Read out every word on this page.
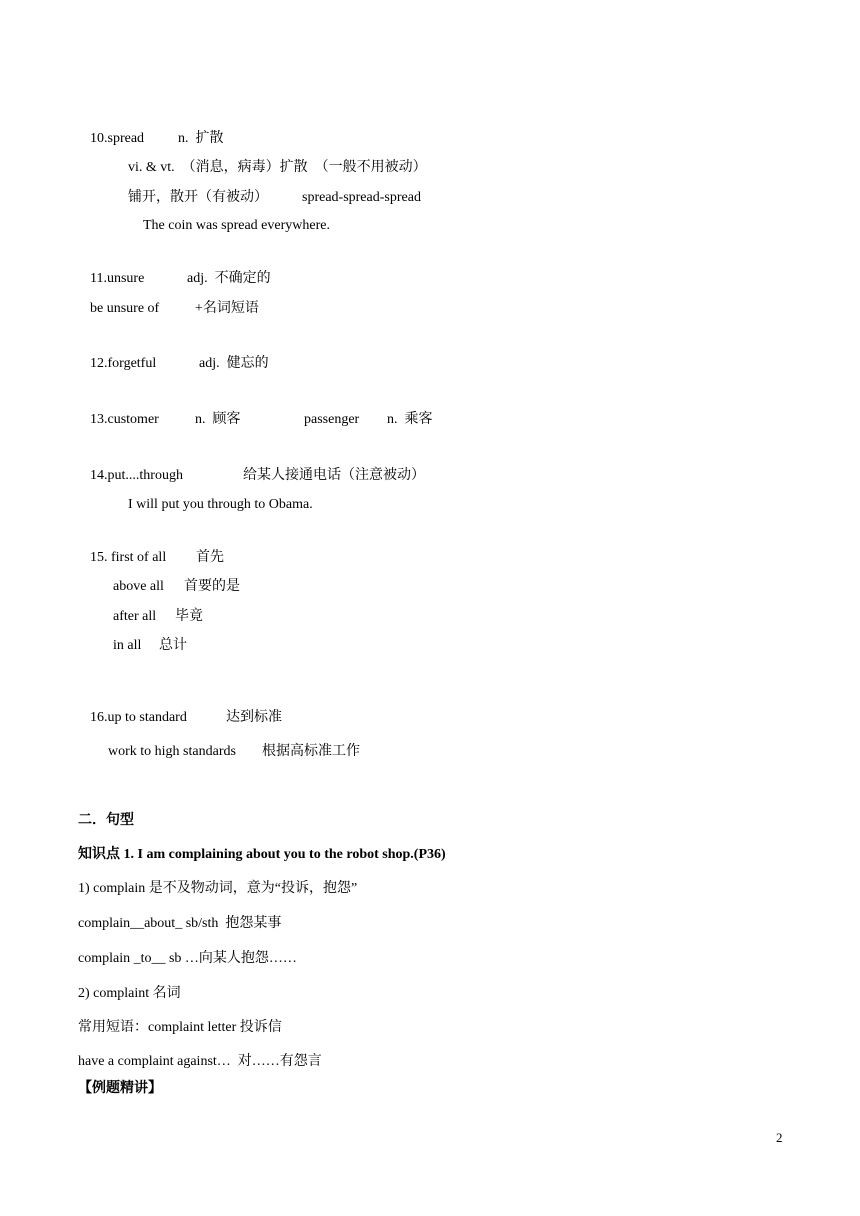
10.spread n.  扩散
vi. & vt.  （消息，病毒）扩散  （一般不用被动）
铺开，散开（有被动） spread-spread-spread
The coin was spread everywhere.
11.unsure	adj.  不确定的
be unsure of	+名词短语
12.forgetful	adj.  健忘的
13.customer	n.  顾客	passenger n.  乘客
14.put....through	给某人接通电话（注意被动）
I will put you through to Obama.
15. first of all 首先
above all 首要的是
after all 毕竟
in all 总计
16.up to standard	达到标准
work to high standards 根据高标准工作
二．句型
知识点 1. I am complaining about you to the robot shop.(P36)
1) complain 是不及物动词，意为“投诉，抱怨”
complain__about_ sb/sth  抱怨某事
complain _to__ sb …向某人抱怨……
2) complaint 名词
常用短语：complaint letter 投诉信
have a complaint against…  对……有怨言
【例题精讲】
2
